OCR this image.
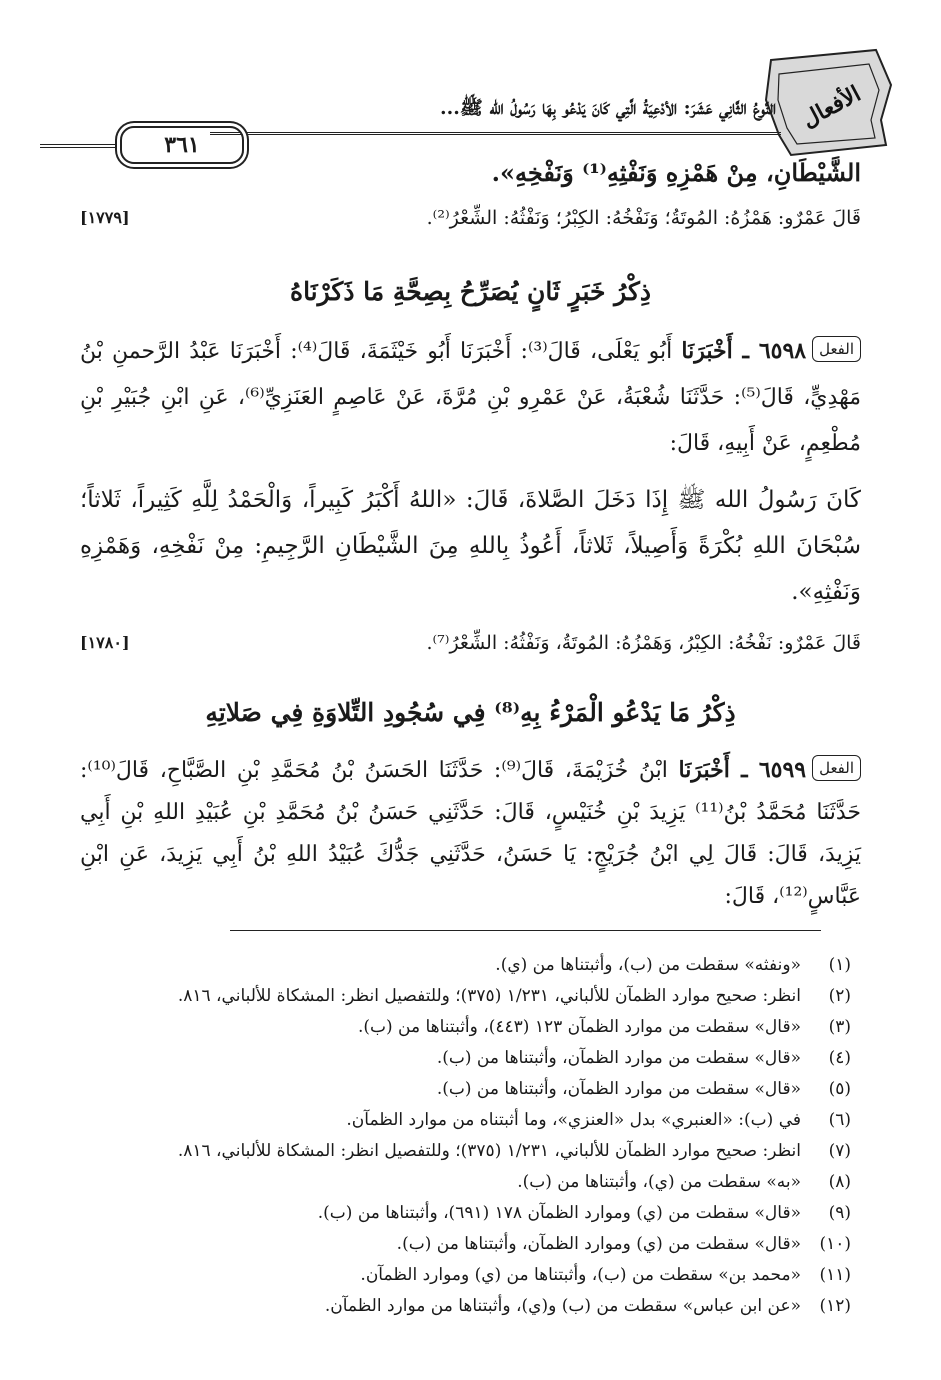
الأفعال
النَّوعُ الثَّانِي عَشَرَ: الأدْعِيَةُ الَّتِي كَانَ يَدْعُو بِهَا رَسُولُ الله ﷺ...
٣٦١

الشَّيْطَانِ، مِنْ هَمْزِهِ وَنَفْثِهِ⁽¹⁾ وَنَفْخِهِ».

قَالَ عَمْرٌو: هَمْزُهُ: المُوتَةُ؛ وَنَفْخُهُ: الكِبْرُ؛ وَنَفْثُهُ: الشِّعْرُ⁽²⁾.
[١٧٧٩]
ذِكْرُ خَبَرٍ ثَانٍ يُصَرِّحُ بِصِحَّةِ مَا ذَكَرْنَاهُ

الفعل٦٥٩٨ ـ أَخْبَرَنَا أَبُو يَعْلَى، قَالَ⁽³⁾: أَخْبَرَنَا أَبُو خَيْثَمَةَ، قَالَ⁽⁴⁾: أَخْبَرَنَا عَبْدُ الرَّحمنِ بْنُ مَهْدِيٍّ، قَالَ⁽⁵⁾: حَدَّثَنَا شُعْبَةُ، عَنْ عَمْرِو بْنِ مُرَّةَ، عَنْ عَاصِمٍ العَنَزِيِّ⁽⁶⁾، عَنِ ابْنِ جُبَيْرِ بْنِ مُطْعِمٍ، عَنْ أَبِيهِ، قَالَ:

كَانَ رَسُولُ الله ﷺ إِذَا دَخَلَ الصَّلاةَ، قَالَ: «اللهُ أَكْبَرُ كَبِيراً، وَالْحَمْدُ لِلَّهِ كَثِيراً، ثَلاثاً؛ سُبْحَانَ اللهِ بُكْرَةً وَأَصِيلاً، ثَلاثاً، أَعُوذُ بِاللهِ مِنَ الشَّيْطَانِ الرَّجِيمِ: مِنْ نَفْخِهِ، وَهَمْزِهِ وَنَفْثِهِ».

قَالَ عَمْرٌو: نَفْخُهُ: الكِبْرُ، وَهَمْزُهُ: المُوتَةُ، وَنَفْثُهُ: الشِّعْرُ⁽⁷⁾.
[١٧٨٠]
ذِكْرُ مَا يَدْعُو الْمَرْءُ بِهِ⁽⁸⁾ فِي سُجُودِ التِّلاوَةِ فِي صَلاتِهِ

الفعل٦٥٩٩ ـ أَخْبَرَنَا ابْنُ خُزَيْمَةَ، قَالَ⁽⁹⁾: حَدَّثَنَا الحَسَنُ بْنُ مُحَمَّدِ بْنِ الصَّبَّاحِ، قَالَ⁽¹⁰⁾: حَدَّثَنَا مُحَمَّدُ بْنُ⁽¹¹⁾ يَزِيدَ بْنِ خُنَيْسٍ، قَالَ: حَدَّثَنِي حَسَنُ بْنُ مُحَمَّدِ بْنِ عُبَيْدِ اللهِ بْنِ أَبِي يَزِيدَ، قَالَ: قَالَ لِي ابْنُ جُرَيْجٍ: يَا حَسَنُ، حَدَّثَنِي جَدُّكَ عُبَيْدُ اللهِ بْنُ أَبِي يَزِيدَ، عَنِ ابْنِ عَبَّاسٍ⁽¹²⁾، قَالَ:

(١)«ونفثه» سقطت من (ب)، وأثبتناها من (ي).
(٢)انظر: صحيح موارد الظمآن للألباني، ١/٢٣١ (٣٧٥)؛ وللتفصيل انظر: المشكاة للألباني، ٨١٦.
(٣)«قال» سقطت من موارد الظمآن ١٢٣ (٤٤٣)، وأثبتناها من (ب).
(٤)«قال» سقطت من موارد الظمآن، وأثبتناها من (ب).
(٥)«قال» سقطت من موارد الظمآن، وأثبتناها من (ب).
(٦)في (ب): «العنبري» بدل «العنزي»، وما أثبتناه من موارد الظمآن.
(٧)انظر: صحيح موارد الظمآن للألباني، ١/٢٣١ (٣٧٥)؛ وللتفصيل انظر: المشكاة للألباني، ٨١٦.
(٨)«به» سقطت من (ي)، وأثبتناها من (ب).
(٩)«قال» سقطت من (ي) وموارد الظمآن ١٧٨ (٦٩١)، وأثبتناها من (ب).
(١٠)«قال» سقطت من (ي) وموارد الظمآن، وأثبتناها من (ب).
(١١)«محمد بن» سقطت من (ب)، وأثبتناها من (ي) وموارد الظمآن.
(١٢)«عن ابن عباس» سقطت من (ب) و(ي)، وأثبتناها من موارد الظمآن.
